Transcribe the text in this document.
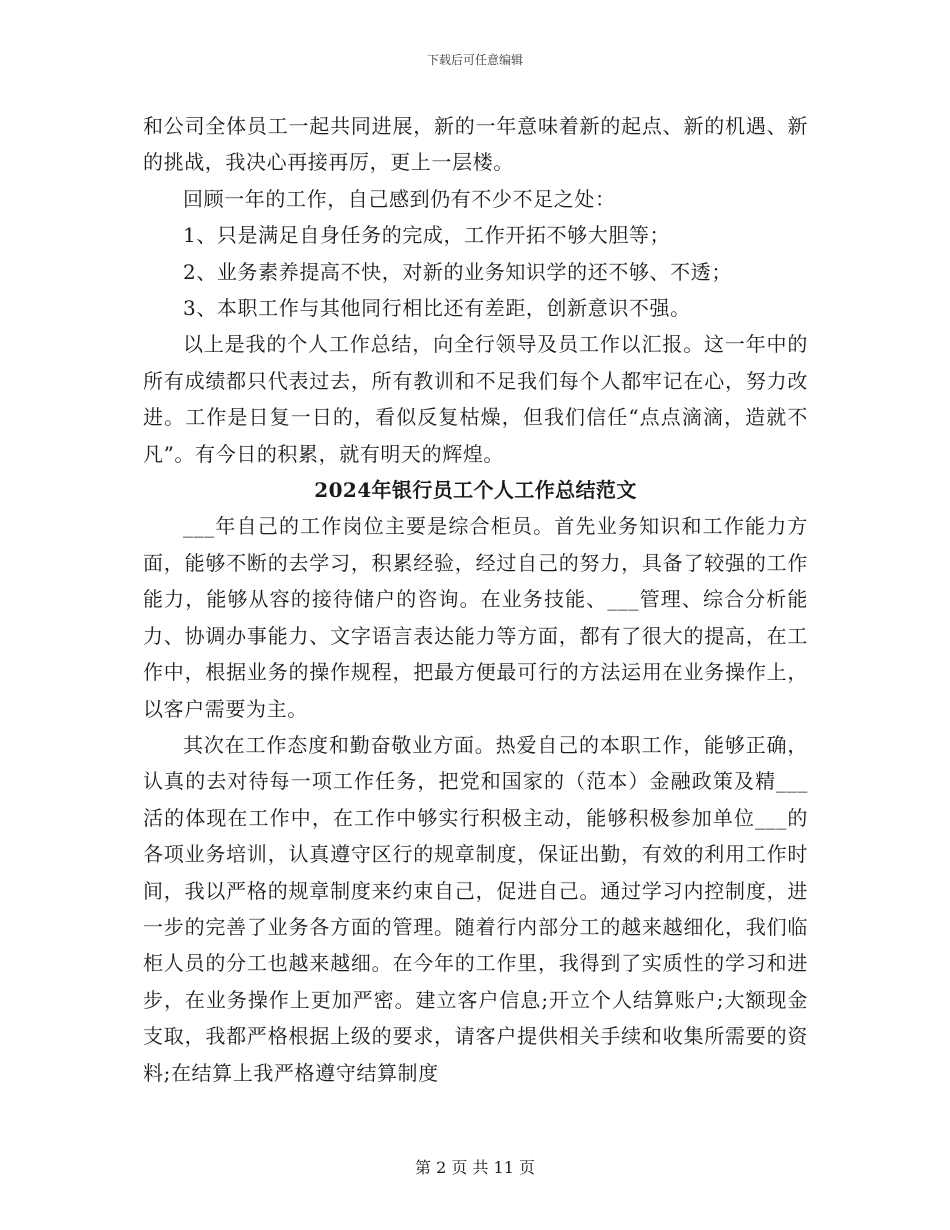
下载后可任意编辑

和公司全体员工一起共同进展，新的一年意味着新的起点、新的机遇、新的挑战，我决心再接再厉，更上一层楼。

回顾一年的工作，自己感到仍有不少不足之处：

1、只是满足自身任务的完成，工作开拓不够大胆等；

2、业务素养提高不快，对新的业务知识学的还不够、不透；

3、本职工作与其他同行相比还有差距，创新意识不强。

以上是我的个人工作总结，向全行领导及员工作以汇报。这一年中的所有成绩都只代表过去，所有教训和不足我们每个人都牢记在心，努力改进。工作是日复一日的，看似反复枯燥，但我们信任“点点滴滴，造就不凡”。有今日的积累，就有明天的辉煌。

2024年银行员工个人工作总结范文

___年自己的工作岗位主要是综合柜员。首先业务知识和工作能力方面，能够不断的去学习，积累经验，经过自己的努力，具备了较强的工作能力，能够从容的接待储户的咨询。在业务技能、___管理、综合分析能力、协调办事能力、文字语言表达能力等方面，都有了很大的提高，在工作中，根据业务的操作规程，把最方便最可行的方法运用在业务操作上，以客户需要为主。

其次在工作态度和勤奋敬业方面。热爱自己的本职工作，能够正确，认真的去对待每一项工作任务，把党和国家的（范本）金融政策及精___活的体现在工作中，在工作中够实行积极主动，能够积极参加单位___的各项业务培训，认真遵守区行的规章制度，保证出勤，有效的利用工作时间，我以严格的规章制度来约束自己，促进自己。通过学习内控制度，进一步的完善了业务各方面的管理。随着行内部分工的越来越细化，我们临柜人员的分工也越来越细。在今年的工作里，我得到了实质性的学习和进步，在业务操作上更加严密。建立客户信息;开立个人结算账户;大额现金支取，我都严格根据上级的要求，请客户提供相关手续和收集所需要的资料;在结算上我严格遵守结算制度

第 2 页 共 11 页
